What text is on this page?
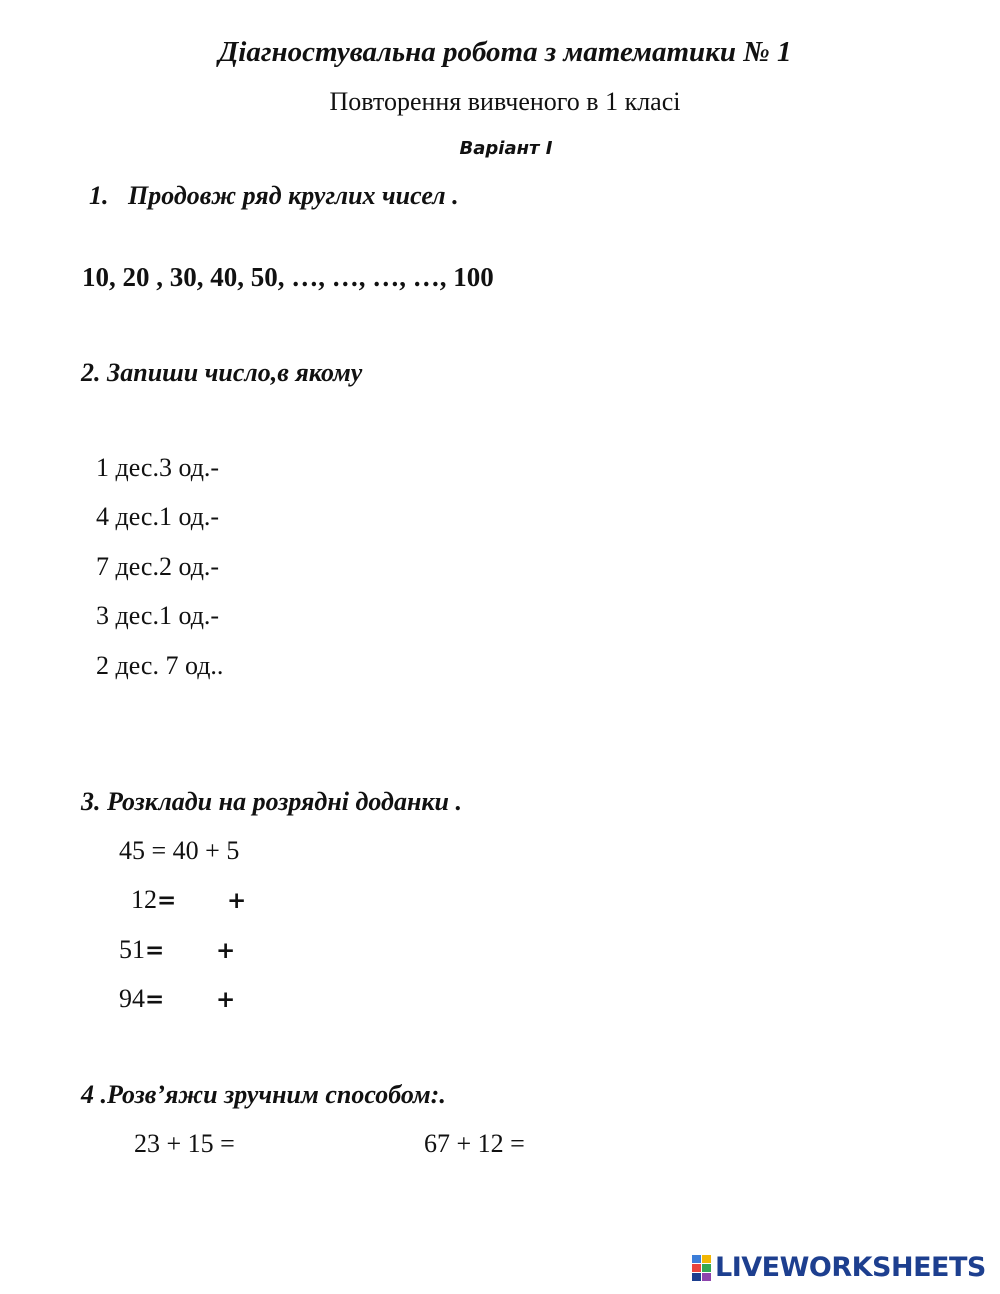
Діагностувальна робота з математики № 1
Повторення вивченого в 1 класі
Варіант І
1. Продовж ряд круглих чисел .
10, 20 , 30, 40, 50, …, …, …, …, 100
2. Запиши число,в якому
1 дес.3 од.-
4 дес.1 од.-
7 дес.2 од.-
3 дес.1 од.-
2 дес. 7 од..
3. Розклади на розрядні доданки .
45 = 40 + 5
12= +
51= +
94= +
4 .Розв’яжи зручним способом:.
23 + 15 =	67 + 12 =
LIVEWORKSHEETS
